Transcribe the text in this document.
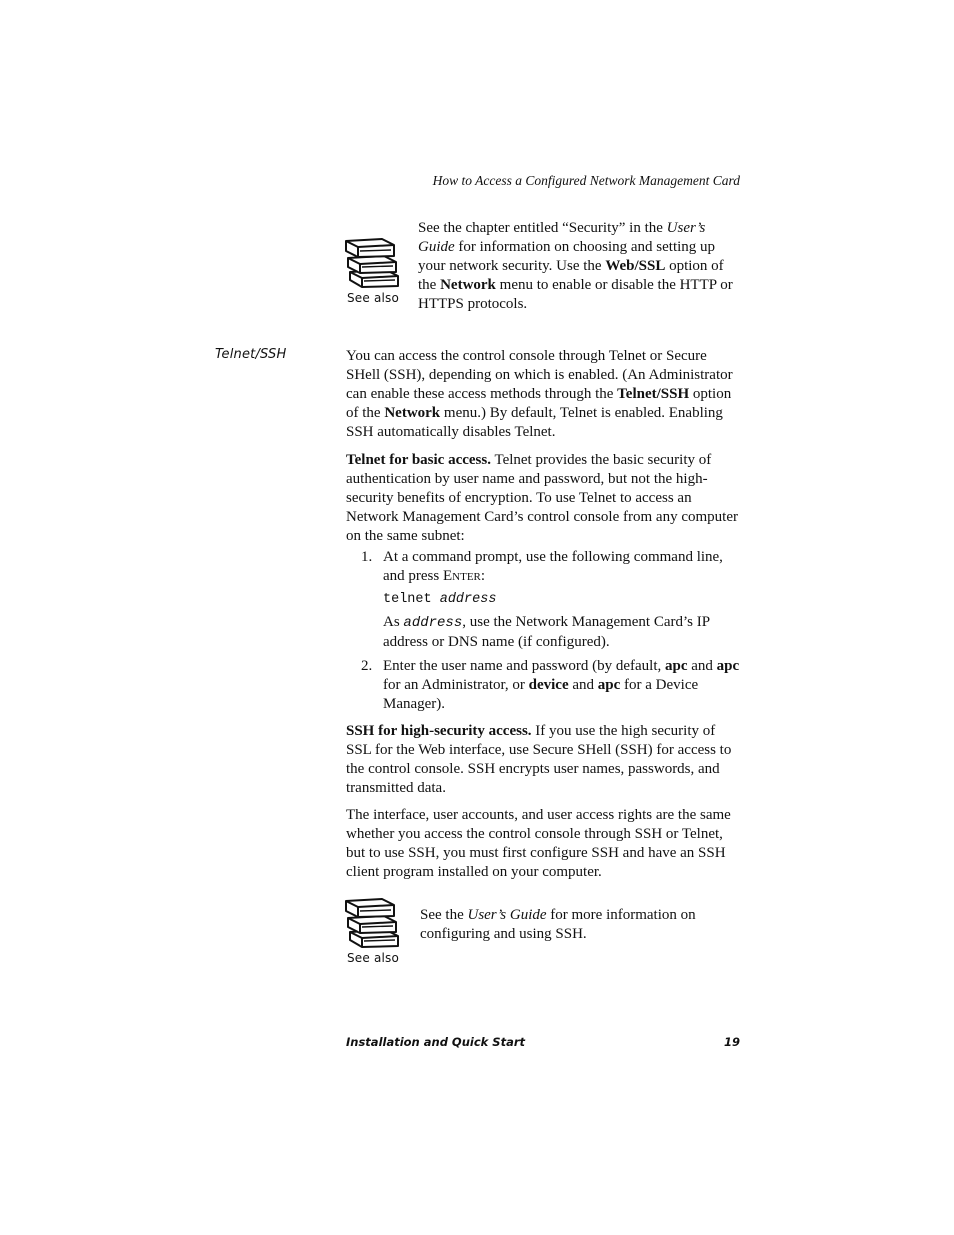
How to Access a Configured Network Management Card
See also

See the chapter entitled “Security” in the User’s Guide for information on choosing and setting up your network security. Use the Web/SSL option of the Network menu to enable or disable the HTTP or HTTPS protocols.

Telnet/SSH	You can access the control console through Telnet or Secure SHell (SSH), depending on which is enabled. (An Administrator can enable these access methods through the Telnet/SSH option of the Network menu.) By default, Telnet is enabled. Enabling SSH automatically disables Telnet.

Telnet for basic access. Telnet provides the basic security of authentication by user name and password, but not the high-security benefits of encryption. To use Telnet to access an Network Management Card’s control console from any computer on the same subnet:

1. At a command prompt, use the following command line, and press Enter:

telnet address

As address, use the Network Management Card’s IP address or DNS name (if configured).

2. Enter the user name and password (by default, apc and apc for an Administrator, or device and apc for a Device Manager).

SSH for high-security access. If you use the high security of SSL for the Web interface, use Secure SHell (SSH) for access to the control console. SSH encrypts user names, passwords, and transmitted data.

The interface, user accounts, and user access rights are the same whether you access the control console through SSH or Telnet, but to use SSH, you must first configure SSH and have an SSH client program installed on your computer.

See also

See the User’s Guide for more information on configuring and using SSH.

Installation and Quick Start	19
